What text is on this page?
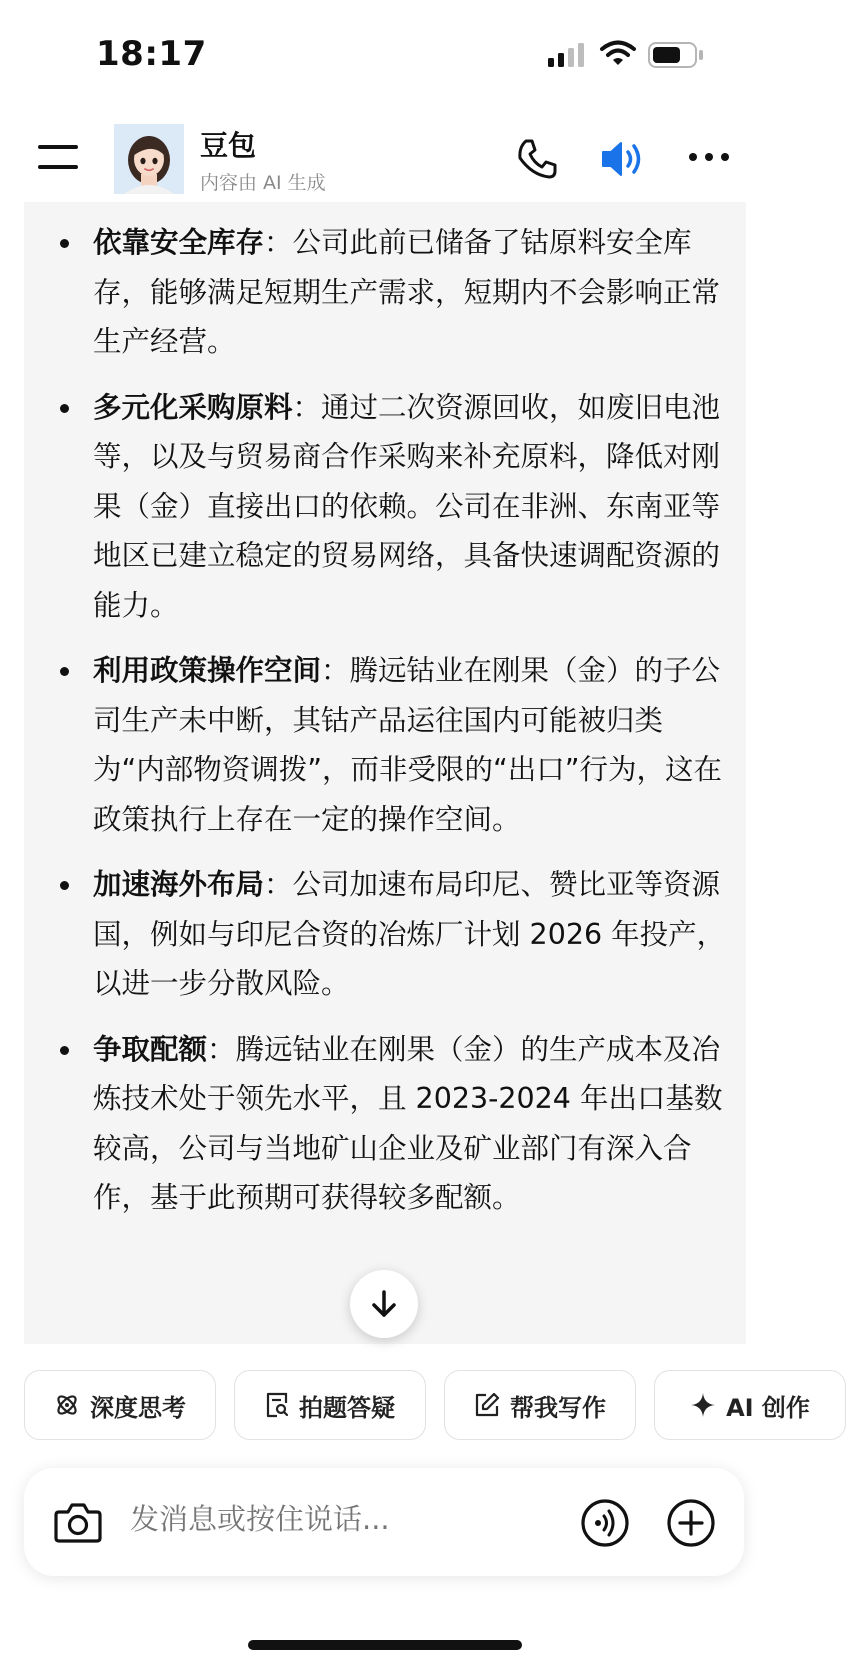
18:17
豆包
内容由 AI 生成
依靠安全库存：公司此前已储备了钴原料安全库存，能够满足短期生产需求，短期内不会影响正常生产经营。
多元化采购原料：通过二次资源回收，如废旧电池等，以及与贸易商合作采购来补充原料，降低对刚果（金）直接出口的依赖。公司在非洲、东南亚等地区已建立稳定的贸易网络，具备快速调配资源的能力。
利用政策操作空间：腾远钴业在刚果（金）的子公司生产未中断，其钴产品运往国内可能被归类为“内部物资调拨”，而非受限的“出口”行为，这在政策执行上存在一定的操作空间。
加速海外布局：公司加速布局印尼、赞比亚等资源国，例如与印尼合资的冶炼厂计划 2026 年投产，以进一步分散风险。
争取配额：腾远钴业在刚果（金）的生产成本及冶炼技术处于领先水平，且 2023-2024 年出口基数较高，公司与当地矿山企业及矿业部门有深入合作，基于此预期可获得较多配额。
深度思考	拍题答疑	帮我写作	AI 创作
发消息或按住说话...
